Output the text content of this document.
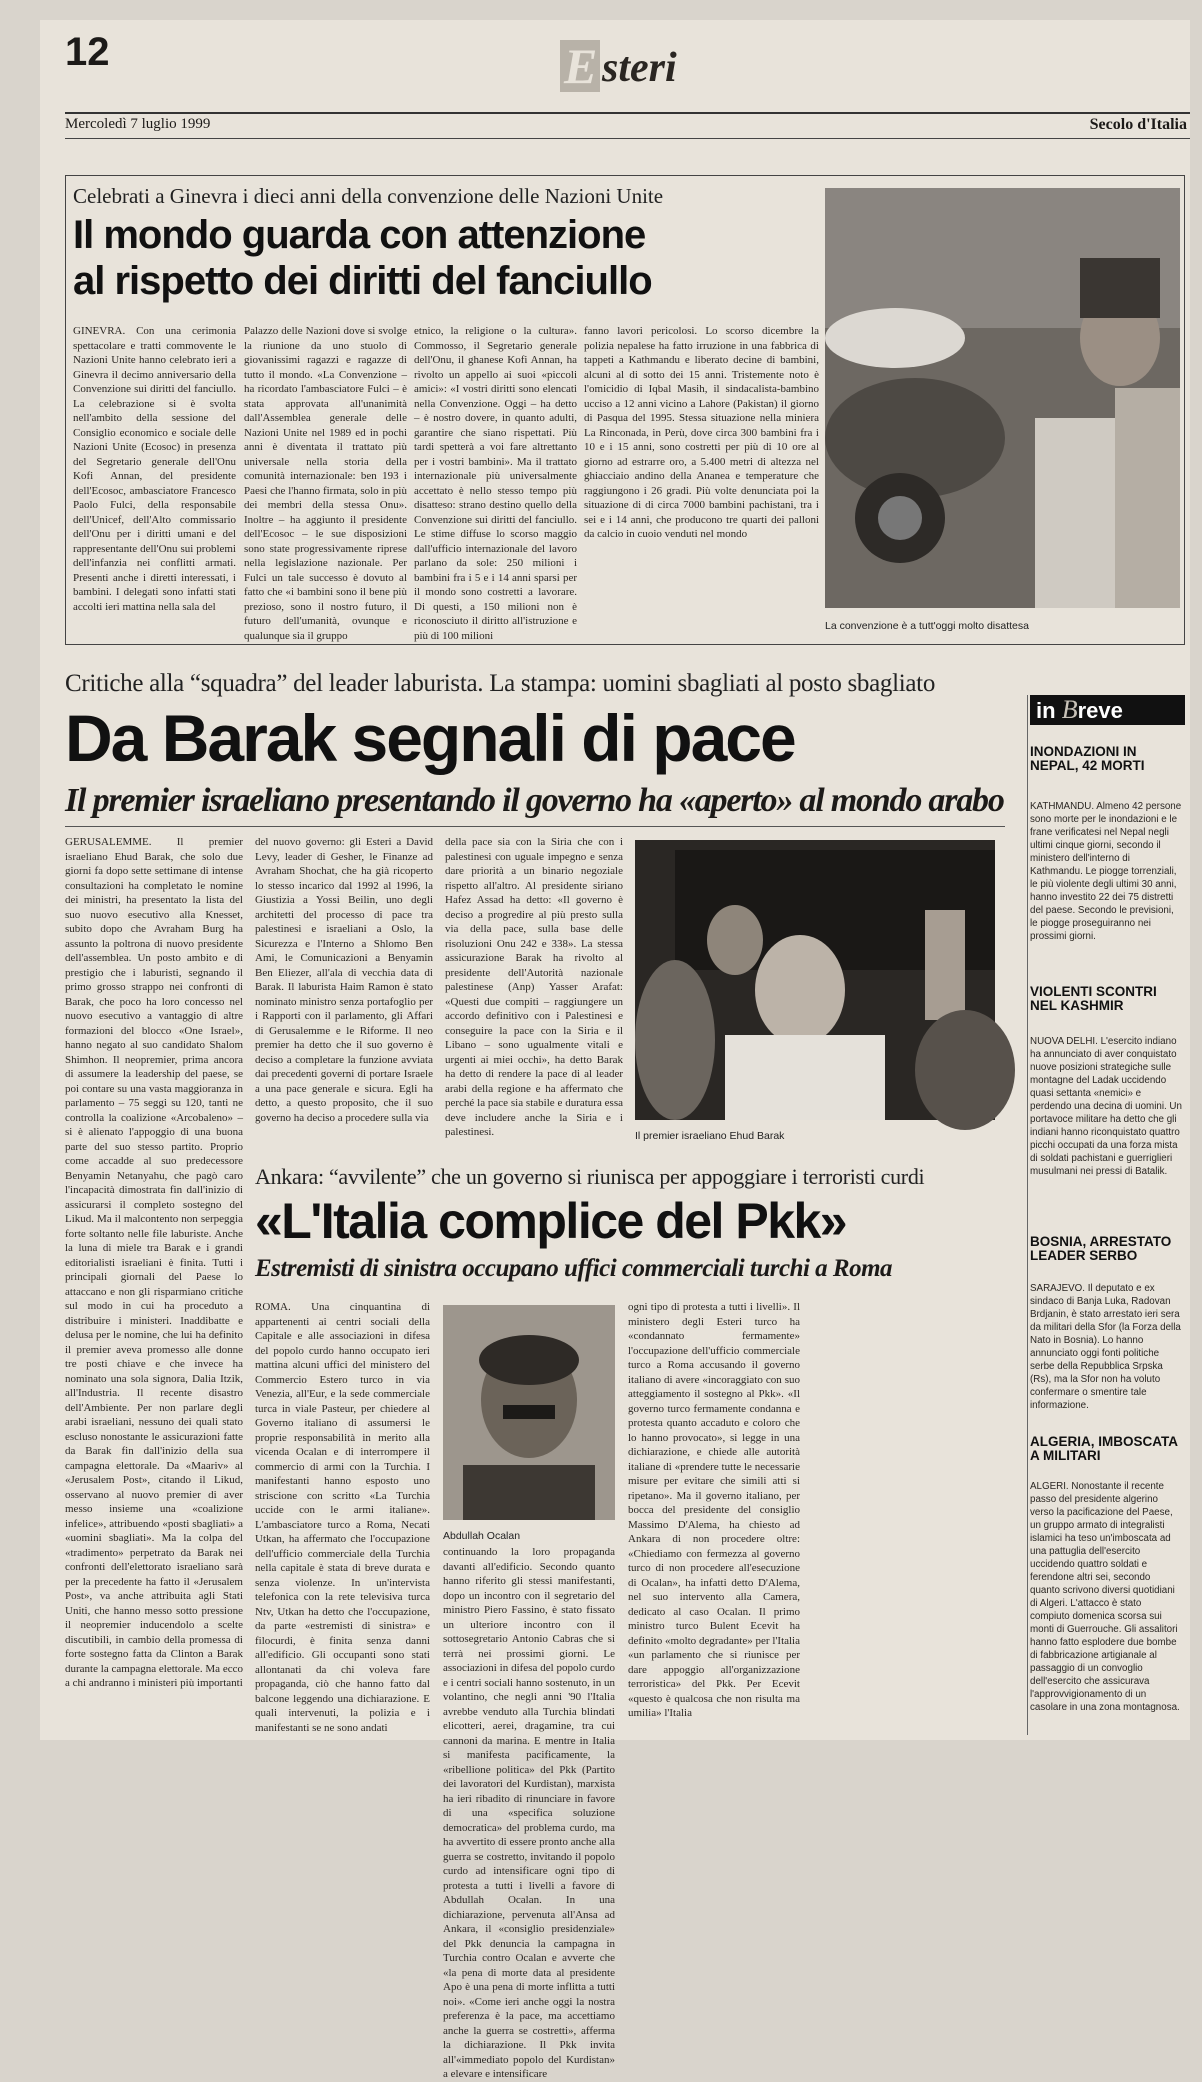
12	E steri
Mercoledì 7 luglio 1999	Secolo d'Italia
Celebrati a Ginevra i dieci anni della convenzione delle Nazioni Unite
Il mondo guarda con attenzione
al rispetto dei diritti del fanciullo
GINEVRA. Con una cerimonia spettacolare e tratti commovente le Nazioni Unite hanno celebrato ieri a Ginevra il decimo anniversario della Convenzione sui diritti del fanciullo. La celebrazione si è svolta nell'ambito della sessione del Consiglio economico e sociale delle Nazioni Unite (Ecosoc) in presenza del Segretario generale dell'Onu Kofi Annan, del presidente dell'Ecosoc, ambasciatore Francesco Paolo Fulci, della responsabile dell'Unicef, dell'Alto commissario dell'Onu per i diritti umani e del rappresentante dell'Onu sui problemi dell'infanzia nei conflitti armati. Presenti anche i diretti interessati, i bambini. I delegati sono infatti stati accolti ieri mattina nella sala del
Palazzo delle Nazioni dove si svolge la riunione da uno stuolo di giovanissimi ragazzi e ragazze di tutto il mondo. «La Convenzione – ha ricordato l'ambasciatore Fulci – è stata approvata all'unanimità dall'Assemblea generale delle Nazioni Unite nel 1989 ed in pochi anni è diventata il trattato più universale nella storia della comunità internazionale: ben 193 i Paesi che l'hanno firmata, solo in più dei membri della stessa Onu». Inoltre – ha aggiunto il presidente dell'Ecosoc – le sue disposizioni sono state progressivamente riprese nella legislazione nazionale. Per Fulci un tale successo è dovuto al fatto che «i bambini sono il bene più prezioso, sono il nostro futuro, il futuro dell'umanità, ovunque e qualunque sia il gruppo
etnico, la religione o la cultura». Commosso, il Segretario generale dell'Onu, il ghanese Kofi Annan, ha rivolto un appello ai suoi «piccoli amici»: «I vostri diritti sono elencati nella Convenzione. Oggi – ha detto – è nostro dovere, in quanto adulti, garantire che siano rispettati. Più tardi spetterà a voi fare altrettanto per i vostri bambini». Ma il trattato internazionale più universalmente accettato è nello stesso tempo più disatteso: strano destino quello della Convenzione sui diritti del fanciullo. Le stime diffuse lo scorso maggio dall'ufficio internazionale del lavoro parlano da sole: 250 milioni i bambini fra i 5 e i 14 anni sparsi per il mondo sono costretti a lavorare. Di questi, a 150 milioni non è riconosciuto il diritto all'istruzione e più di 100 milioni
fanno lavori pericolosi. Lo scorso dicembre la polizia nepalese ha fatto irruzione in una fabbrica di tappeti a Kathmandu e liberato decine di bambini, alcuni al di sotto dei 15 anni. Tristemente noto è l'omicidio di Iqbal Masih, il sindacalista-bambino ucciso a 12 anni vicino a Lahore (Pakistan) il giorno di Pasqua del 1995. Stessa situazione nella miniera La Rinconada, in Perù, dove circa 300 bambini fra i 10 e i 15 anni, sono costretti per più di 10 ore al giorno ad estrarre oro, a 5.400 metri di altezza nel ghiacciaio andino della Ananea e temperature che raggiungono i 26 gradi. Più volte denunciata poi la situazione di di circa 7000 bambini pachistani, tra i sei e i 14 anni, che producono tre quarti dei palloni da calcio in cuoio venduti nel mondo
La convenzione è a tutt'oggi molto disattesa
Critiche alla “squadra” del leader laburista. La stampa: uomini sbagliati al posto sbagliato
Da Barak segnali di pace
Il premier israeliano presentando il governo ha «aperto» al mondo arabo
GERUSALEMME. Il premier israeliano Ehud Barak, che solo due giorni fa dopo sette settimane di intense consultazioni ha completato le nomine dei ministri, ha presentato la lista del suo nuovo esecutivo alla Knesset, subito dopo che Avraham Burg ha assunto la poltrona di nuovo presidente dell'assemblea. Un posto ambito e di prestigio che i laburisti, segnando il primo grosso strappo nei confronti di Barak, che poco ha loro concesso nel nuovo esecutivo a vantaggio di altre formazioni del blocco «One Israel», hanno negato al suo candidato Shalom Shimhon. Il neopremier, prima ancora di assumere la leadership del paese, se poi contare su una vasta maggioranza in parlamento – 75 seggi su 120, tanti ne controlla la coalizione «Arcobaleno» – si è alienato l'appoggio di una buona parte del suo stesso partito. Proprio come accadde al suo predecessore Benyamin Netanyahu, che pagò caro l'incapacità dimostrata fin dall'inizio di assicurarsi il completo sostegno del Likud. Ma il malcontento non serpeggia forte soltanto nelle file laburiste. Anche la luna di miele tra Barak e i grandi editorialisti israeliani è finita. Tutti i principali giornali del Paese lo attaccano e non gli risparmiano critiche sul modo in cui ha proceduto a distribuire i ministeri. Inaddibatte e delusa per le nomine, che lui ha definito il premier aveva promesso alle donne tre posti chiave e che invece ha nominato una sola signora, Dalia Itzik, all'Industria. Il recente disastro dell'Ambiente. Per non parlare degli arabi israeliani, nessuno dei quali stato escluso nonostante le assicurazioni fatte da Barak fin dall'inizio della sua campagna elettorale. Da «Maariv» al «Jerusalem Post», citando il Likud, osservano al nuovo premier di aver messo insieme una «coalizione infelice», attribuendo «posti sbagliati» a «uomini sbagliati». Ma la colpa del «tradimento» perpetrato da Barak nei confronti dell'elettorato israeliano sarà per la precedente ha fatto il «Jerusalem Post», va anche attribuita agli Stati Uniti, che hanno messo sotto pressione il neopremier inducendolo a scelte discutibili, in cambio della promessa di forte sostegno fatta da Clinton a Barak durante la campagna elettorale. Ma ecco a chi andranno i ministeri più importanti
del nuovo governo: gli Esteri a David Levy, leader di Gesher, le Finanze ad Avraham Shochat, che ha già ricoperto lo stesso incarico dal 1992 al 1996, la Giustizia a Yossi Beilin, uno degli architetti del processo di pace tra palestinesi e israeliani a Oslo, la Sicurezza e l'Interno a Shlomo Ben Ami, le Comunicazioni a Benyamin Ben Eliezer, all'ala di vecchia data di Barak. Il laburista Haim Ramon è stato nominato ministro senza portafoglio per i Rapporti con il parlamento, gli Affari di Gerusalemme e le Riforme. Il neo premier ha detto che il suo governo è deciso a completare la funzione avviata dai precedenti governi di portare Israele a una pace generale e sicura. Egli ha detto, a questo proposito, che il suo governo ha deciso a procedere sulla via
della pace sia con la Siria che con i palestinesi con uguale impegno e senza dare priorità a un binario negoziale rispetto all'altro. Al presidente siriano Hafez Assad ha detto: «Il governo è deciso a progredire al più presto sulla via della pace, sulla base delle risoluzioni Onu 242 e 338». La stessa assicurazione Barak ha rivolto al presidente dell'Autorità nazionale palestinese (Anp) Yasser Arafat: «Questi due compiti – raggiungere un accordo definitivo con i Palestinesi e conseguire la pace con la Siria e il Libano – sono ugualmente vitali e urgenti ai miei occhi», ha detto Barak ha detto di rendere la pace di al leader arabi della regione e ha affermato che perché la pace sia stabile e duratura essa deve includere anche la Siria e i palestinesi.	Il premier israeliano Ehud Barak
Ankara: “avvilente” che un governo si riunisca per appoggiare i terroristi curdi
«L'Italia complice del Pkk»
Estremisti di sinistra occupano uffici commerciali turchi a Roma
ROMA. Una cinquantina di appartenenti ai centri sociali della Capitale e alle associazioni in difesa del popolo curdo hanno occupato ieri mattina alcuni uffici del ministero del Commercio Estero turco in via Venezia, all'Eur, e la sede commerciale turca in viale Pasteur, per chiedere al Governo italiano di assumersi le proprie responsabilità in merito alla vicenda Ocalan e di interrompere il commercio di armi con la Turchia. I manifestanti hanno esposto uno striscione con scritto «La Turchia uccide con le armi italiane». L'ambasciatore turco a Roma, Necati Utkan, ha affermato che l'occupazione dell'ufficio commerciale della Turchia nella capitale è stata di breve durata e senza violenze. In un'intervista telefonica con la rete televisiva turca Ntv, Utkan ha detto che l'occupazione, da parte «estremisti di sinistra» e filocurdi, è finita senza danni all'edificio. Gli occupanti sono stati allontanati da chi voleva fare propaganda, ciò che hanno fatto dal balcone leggendo una dichiarazione. E quali intervenuti, la polizia e i manifestanti se ne sono andati
Abdullah Ocalan
continuando la loro propaganda davanti all'edificio. Secondo quanto hanno riferito gli stessi manifestanti, dopo un incontro con il segretario del ministro Piero Fassino, è stato fissato un ulteriore incontro con il sottosegretario Antonio Cabras che si terrà nei prossimi giorni. Le associazioni in difesa del popolo curdo e i centri sociali hanno sostenuto, in un volantino, che negli anni '90 l'Italia avrebbe venduto alla Turchia blindati elicotteri, aerei, dragamine, tra cui cannoni da marina. E mentre in Italia si manifesta pacificamente, la «ribellione politica» del Pkk (Partito dei lavoratori del Kurdistan), marxista ha ieri ribadito di rinunciare in favore di una «specifica soluzione democratica» del problema curdo, ma ha avvertito di essere pronto anche alla guerra se costretto, invitando il popolo curdo ad intensificare ogni tipo di protesta a tutti i livelli a favore di Abdullah Ocalan. In una dichiarazione, pervenuta all'Ansa ad Ankara, il «consiglio presidenziale» del Pkk denuncia la campagna in Turchia contro Ocalan e avverte che «la pena di morte data al presidente Apo è una pena di morte inflitta a tutti noi». «Come ieri anche oggi la nostra preferenza è la pace, ma accettiamo anche la guerra se costretti», afferma la dichiarazione. Il Pkk invita all'«immediato popolo del Kurdistan» a elevare e intensificare
ogni tipo di protesta a tutti i livelli». Il ministero degli Esteri turco ha «condannato fermamente» l'occupazione dell'ufficio commerciale turco a Roma accusando il governo italiano di avere «incoraggiato con suo atteggiamento il sostegno al Pkk». «Il governo turco fermamente condanna e protesta quanto accaduto e coloro che lo hanno provocato», si legge in una dichiarazione, e chiede alle autorità italiane di «prendere tutte le necessarie misure per evitare che simili atti si ripetano». Ma il governo italiano, per bocca del presidente del consiglio Massimo D'Alema, ha chiesto ad Ankara di non procedere oltre: «Chiediamo con fermezza al governo turco di non procedere all'esecuzione di Ocalan», ha infatti detto D'Alema, nel suo intervento alla Camera, dedicato al caso Ocalan. Il primo ministro turco Bulent Ecevit ha definito «molto degradante» per l'Italia «un parlamento che si riunisce per dare appoggio all'organizzazione terroristica» del Pkk. Per Ecevit «questo è qualcosa che non risulta ma umilia» l'Italia
in Breve
INONDAZIONI IN NEPAL, 42 MORTI
KATHMANDU. Almeno 42 persone sono morte per le inondazioni e le frane verificatesi nel Nepal negli ultimi cinque giorni, secondo il ministero dell'interno di Kathmandu. Le piogge torrenziali, le più violente degli ultimi 30 anni, hanno investito 22 dei 75 distretti del paese. Secondo le previsioni, le piogge proseguiranno nei prossimi giorni.
VIOLENTI SCONTRI NEL KASHMIR
NUOVA DELHI. L'esercito indiano ha annunciato di aver conquistato nuove posizioni strategiche sulle montagne del Ladak uccidendo quasi settanta «nemici» e perdendo una decina di uomini. Un portavoce militare ha detto che gli indiani hanno riconquistato quattro picchi occupati da una forza mista di soldati pachistani e guerriglieri musulmani nei pressi di Batalik.
BOSNIA, ARRESTATO LEADER SERBO
SARAJEVO. Il deputato e ex sindaco di Banja Luka, Radovan Brdjanin, è stato arrestato ieri sera da militari della Sfor (la Forza della Nato in Bosnia). Lo hanno annunciato oggi fonti politiche serbe della Repubblica Srpska (Rs), ma la Sfor non ha voluto confermare o smentire tale informazione.
ALGERIA, IMBOSCATA A MILITARI
ALGERI. Nonostante il recente passo del presidente algerino verso la pacificazione del Paese, un gruppo armato di integralisti islamici ha teso un'imboscata ad una pattuglia dell'esercito uccidendo quattro soldati e ferendone altri sei, secondo quanto scrivono diversi quotidiani di Algeri. L'attacco è stato compiuto domenica scorsa sui monti di Guerrouche. Gli assalitori hanno fatto esplodere due bombe di fabbricazione artigianale al passaggio di un convoglio dell'esercito che assicurava l'approvvigionamento di un casolare in una zona montagnosa.
